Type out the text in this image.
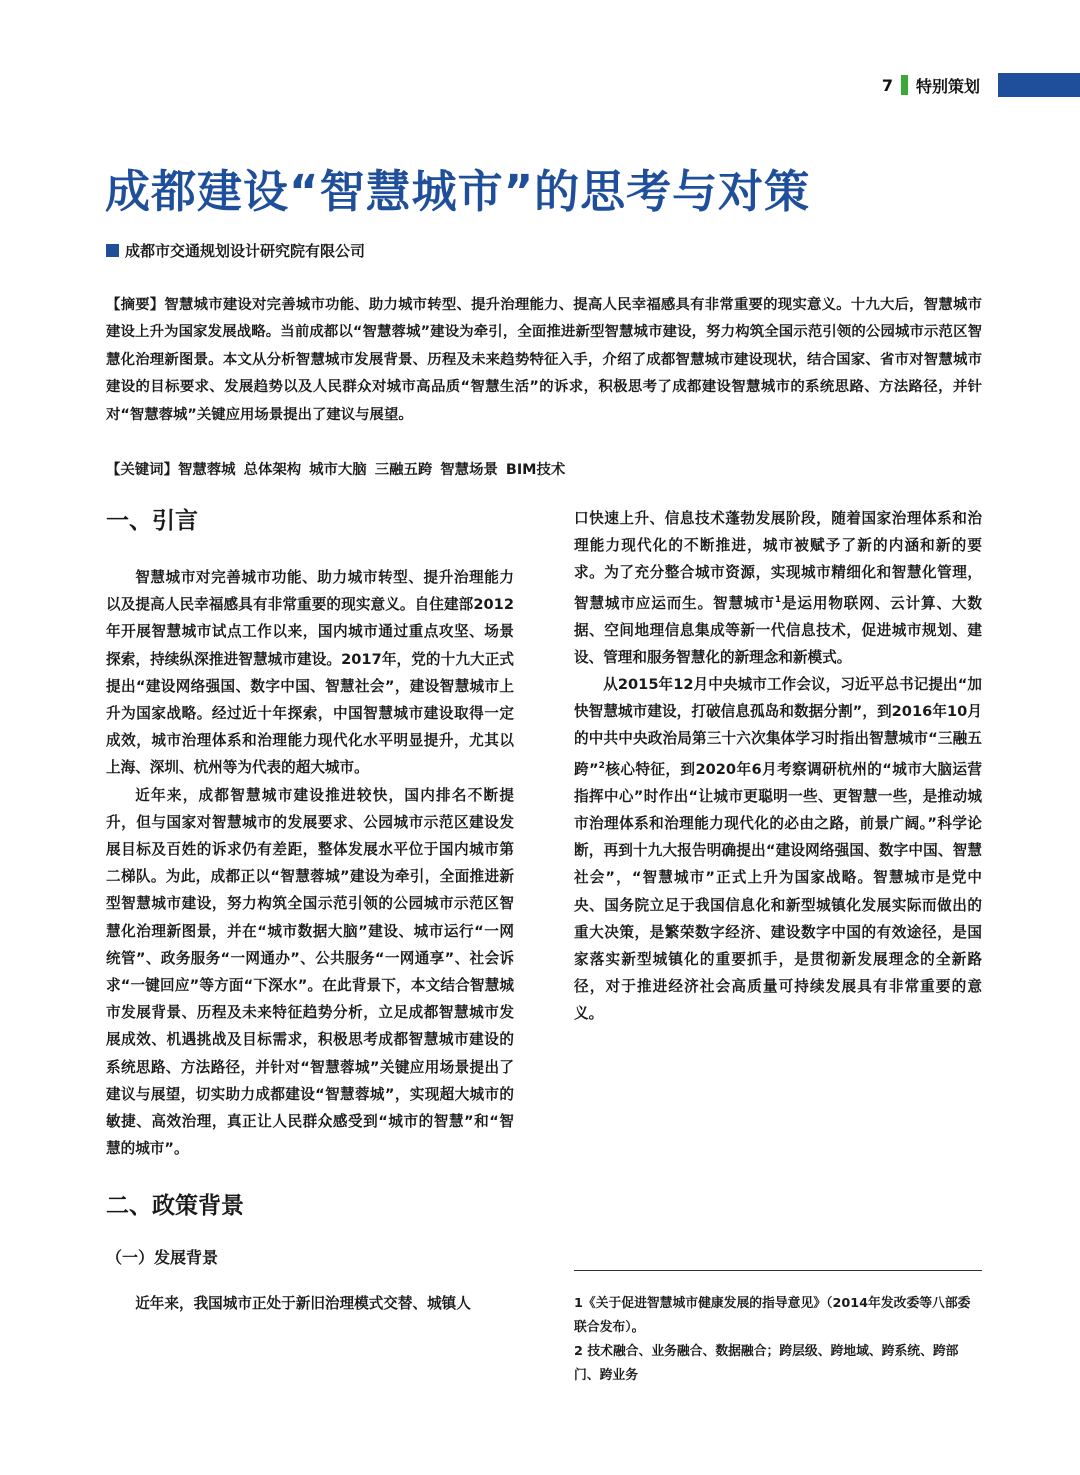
7 特别策划
成都建设“智慧城市”的思考与对策
成都市交通规划设计研究院有限公司

【摘要】智慧城市建设对完善城市功能、助力城市转型、提升治理能力、提高人民幸福感具有非常重要的现实意义。十九大后，智慧城市建设上升为国家发展战略。当前成都以“智慧蓉城”建设为牵引，全面推进新型智慧城市建设，努力构筑全国示范引领的公园城市示范区智慧化治理新图景。本文从分析智慧城市发展背景、历程及未来趋势特征入手，介绍了成都智慧城市建设现状，结合国家、省市对智慧城市建设的目标要求、发展趋势以及人民群众对城市高品质“智慧生活”的诉求，积极思考了成都建设智慧城市的系统思路、方法路径，并针对“智慧蓉城”关键应用场景提出了建议与展望。

【关键词】智慧蓉城 总体架构 城市大脑 三融五跨 智慧场景 BIM技术

一、引言

智慧城市对完善城市功能、助力城市转型、提升治理能力以及提高人民幸福感具有非常重要的现实意义。自住建部2012年开展智慧城市试点工作以来，国内城市通过重点攻坚、场景探索，持续纵深推进智慧城市建设。2017年，党的十九大正式提出“建设网络强国、数字中国、智慧社会”，建设智慧城市上升为国家战略。经过近十年探索，中国智慧城市建设取得一定成效，城市治理体系和治理能力现代化水平明显提升，尤其以上海、深圳、杭州等为代表的超大城市。

近年来，成都智慧城市建设推进较快，国内排名不断提升，但与国家对智慧城市的发展要求、公园城市示范区建设发展目标及百姓的诉求仍有差距，整体发展水平位于国内城市第二梯队。为此，成都正以“智慧蓉城”建设为牵引，全面推进新型智慧城市建设，努力构筑全国示范引领的公园城市示范区智慧化治理新图景，并在“城市数据大脑”建设、城市运行“一网统管”、政务服务“一网通办”、公共服务“一网通享”、社会诉求“一键回应”等方面“下深水”。在此背景下，本文结合智慧城市发展背景、历程及未来特征趋势分析，立足成都智慧城市发展成效、机遇挑战及目标需求，积极思考成都智慧城市建设的系统思路、方法路径，并针对“智慧蓉城”关键应用场景提出了建议与展望，切实助力成都建设“智慧蓉城”，实现超大城市的敏捷、高效治理，真正让人民群众感受到“城市的智慧”和“智慧的城市”。

二、政策背景
（一）发展背景

近年来，我国城市正处于新旧治理模式交替、城镇人

口快速上升、信息技术蓬勃发展阶段，随着国家治理体系和治理能力现代化的不断推进，城市被赋予了新的内涵和新的要求。为了充分整合城市资源，实现城市精细化和智慧化管理，智慧城市应运而生。智慧城市$^1$是运用物联网、云计算、大数据、空间地理信息集成等新一代信息技术，促进城市规划、建设、管理和服务智慧化的新理念和新模式。

从2015年12月中央城市工作会议，习近平总书记提出“加快智慧城市建设，打破信息孤岛和数据分割”，到2016年10月的中共中央政治局第三十六次集体学习时指出智慧城市“三融五跨”$^2$核心特征，到2020年6月考察调研杭州的“城市大脑运营指挥中心”时作出“让城市更聪明一些、更智慧一些，是推动城市治理体系和治理能力现代化的必由之路，前景广阔。”科学论断，再到十九大报告明确提出“建设网络强国、数字中国、智慧社会”，“智慧城市”正式上升为国家战略。智慧城市是党中央、国务院立足于我国信息化和新型城镇化发展实际而做出的重大决策，是繁荣数字经济、建设数字中国的有效途径，是国家落实新型城镇化的重要抓手，是贯彻新发展理念的全新路径，对于推进经济社会高质量可持续发展具有非常重要的意义。

1《关于促进智慧城市健康发展的指导意见》（2014年发改委等八部委联合发布）。

2 技术融合、业务融合、数据融合；跨层级、跨地域、跨系统、跨部门、跨业务
